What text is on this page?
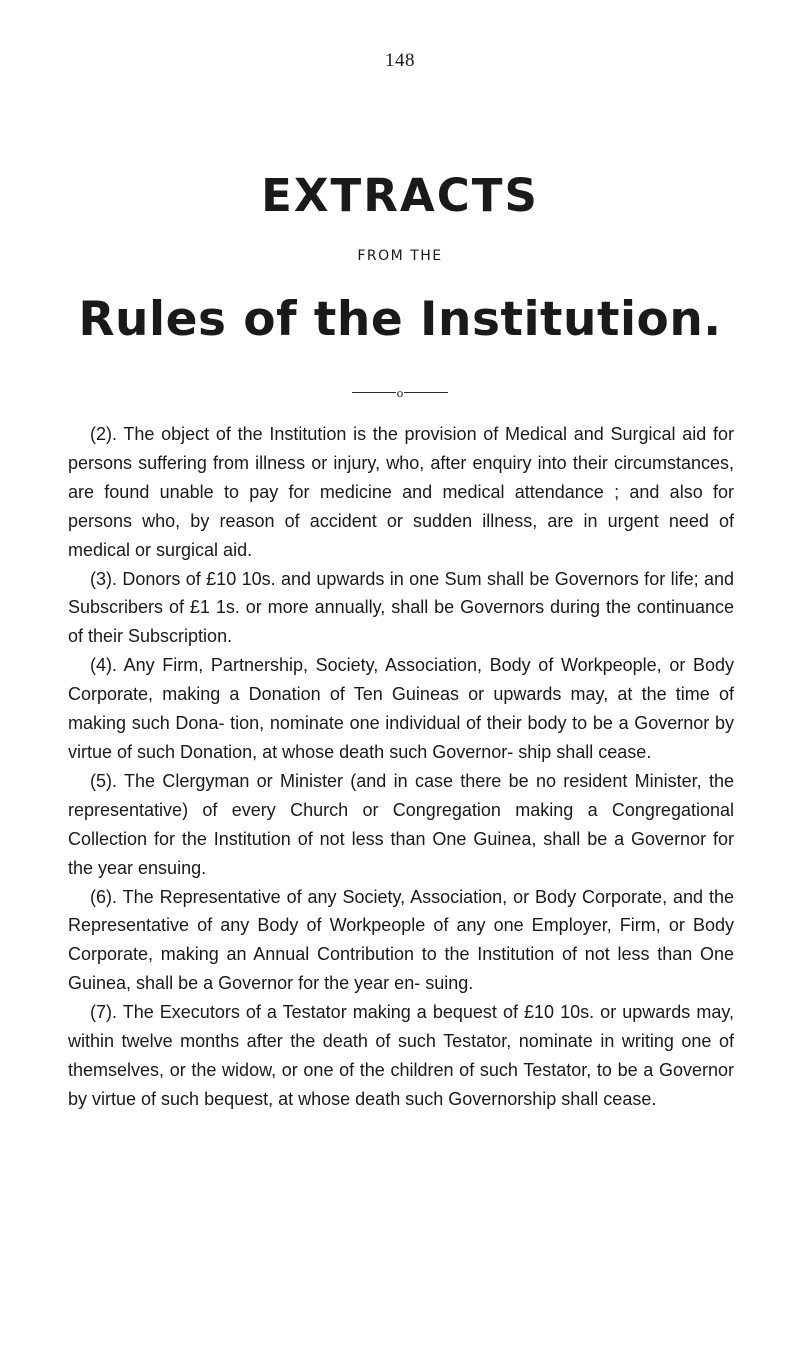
148
EXTRACTS
FROM THE
Rules of the Institution.
o

(2). The object of the Institution is the provision of Medical and Surgical aid for persons suffering from illness or injury, who, after enquiry into their circumstances, are found unable to pay for medicine and medical attendance ; and also for persons who, by reason of accident or sudden illness, are in urgent need of medical or surgical aid.

(3). Donors of £10 10s. and upwards in one Sum shall be Governors for life; and Subscribers of £1 1s. or more annually, shall be Governors during the continuance of their Subscription.

(4). Any Firm, Partnership, Society, Association, Body of Workpeople, or Body Corporate, making a Donation of Ten Guineas or upwards may, at the time of making such Dona- tion, nominate one individual of their body to be a Governor by virtue of such Donation, at whose death such Governor- ship shall cease.

(5). The Clergyman or Minister (and in case there be no resident Minister, the representative) of every Church or Congregation making a Congregational Collection for the Institution of not less than One Guinea, shall be a Governor for the year ensuing.

(6). The Representative of any Society, Association, or Body Corporate, and the Representative of any Body of Workpeople of any one Employer, Firm, or Body Corporate, making an Annual Contribution to the Institution of not less than One Guinea, shall be a Governor for the year en- suing.

(7). The Executors of a Testator making a bequest of £10 10s. or upwards may, within twelve months after the death of such Testator, nominate in writing one of themselves, or the widow, or one of the children of such Testator, to be a Governor by virtue of such bequest, at whose death such Governorship shall cease.
